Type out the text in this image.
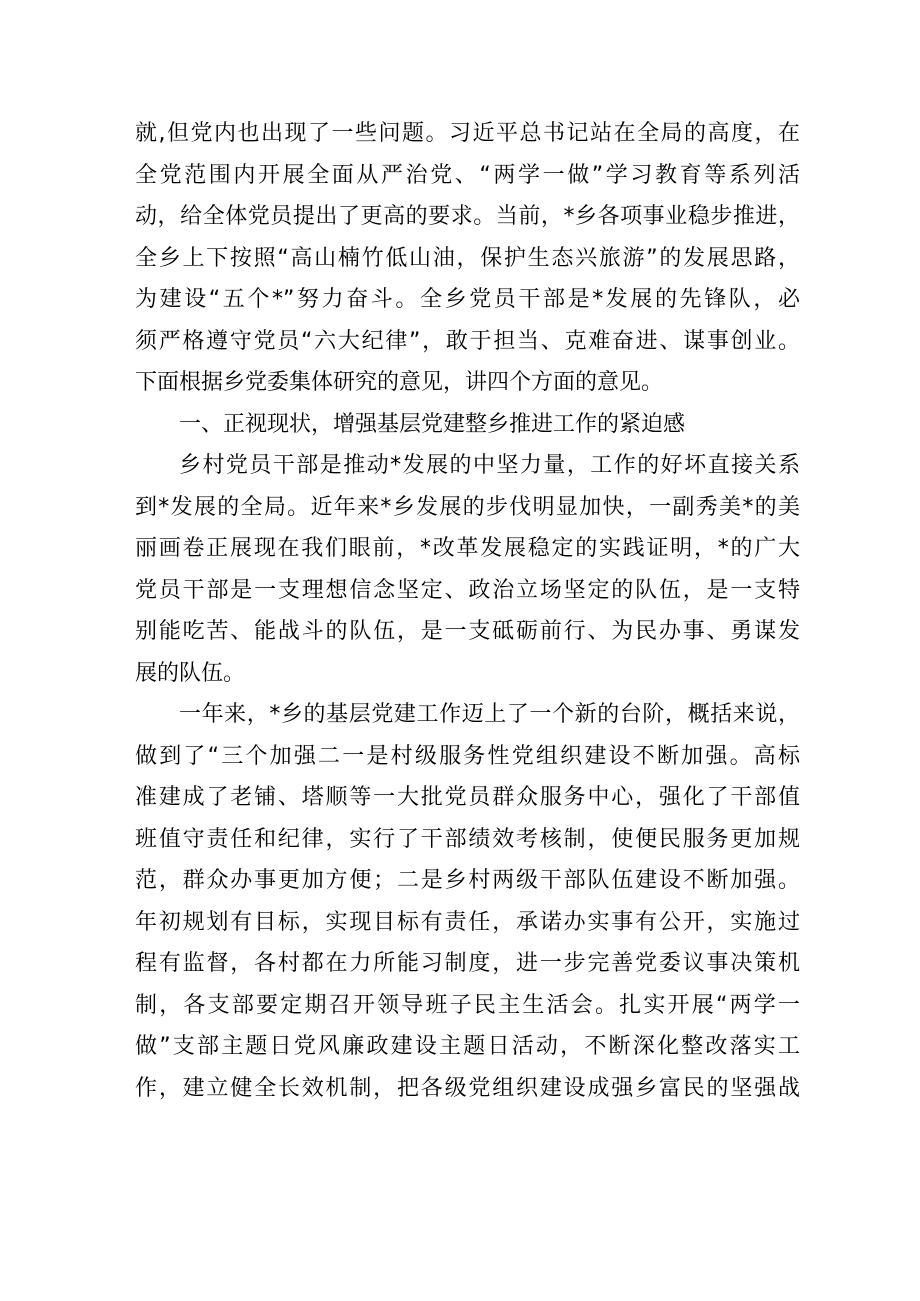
就,但党内也出现了一些问题。习近平总书记站在全局的高度，在
全党范围内开展全面从严治党、“两学一做”学习教育等系列活
动，给全体党员提出了更高的要求。当前，*乡各项事业稳步推进，
全乡上下按照“高山楠竹低山油，保护生态兴旅游”的发展思路，
为建设“五个*”努力奋斗。全乡党员干部是*发展的先锋队，必
须严格遵守党员“六大纪律”，敢于担当、克难奋进、谋事创业。
下面根据乡党委集体研究的意见，讲四个方面的意见。
一、正视现状，增强基层党建整乡推进工作的紧迫感
乡村党员干部是推动*发展的中坚力量，工作的好坏直接关系
到*发展的全局。近年来*乡发展的步伐明显加快，一副秀美*的美
丽画卷正展现在我们眼前，*改革发展稳定的实践证明，*的广大
党员干部是一支理想信念坚定、政治立场坚定的队伍，是一支特
别能吃苦、能战斗的队伍，是一支砥砺前行、为民办事、勇谋发
展的队伍。
一年来，*乡的基层党建工作迈上了一个新的台阶，概括来说，
做到了“三个加强二一是村级服务性党组织建设不断加强。高标
准建成了老铺、塔顺等一大批党员群众服务中心，强化了干部值
班值守责任和纪律，实行了干部绩效考核制，使便民服务更加规
范，群众办事更加方便；二是乡村两级干部队伍建设不断加强。
年初规划有目标，实现目标有责任，承诺办实事有公开，实施过
程有监督，各村都在力所能习制度，进一步完善党委议事决策机
制，各支部要定期召开领导班子民主生活会。扎实开展“两学一
做”支部主题日党风廉政建设主题日活动，不断深化整改落实工
作，建立健全长效机制，把各级党组织建设成强乡富民的坚强战
